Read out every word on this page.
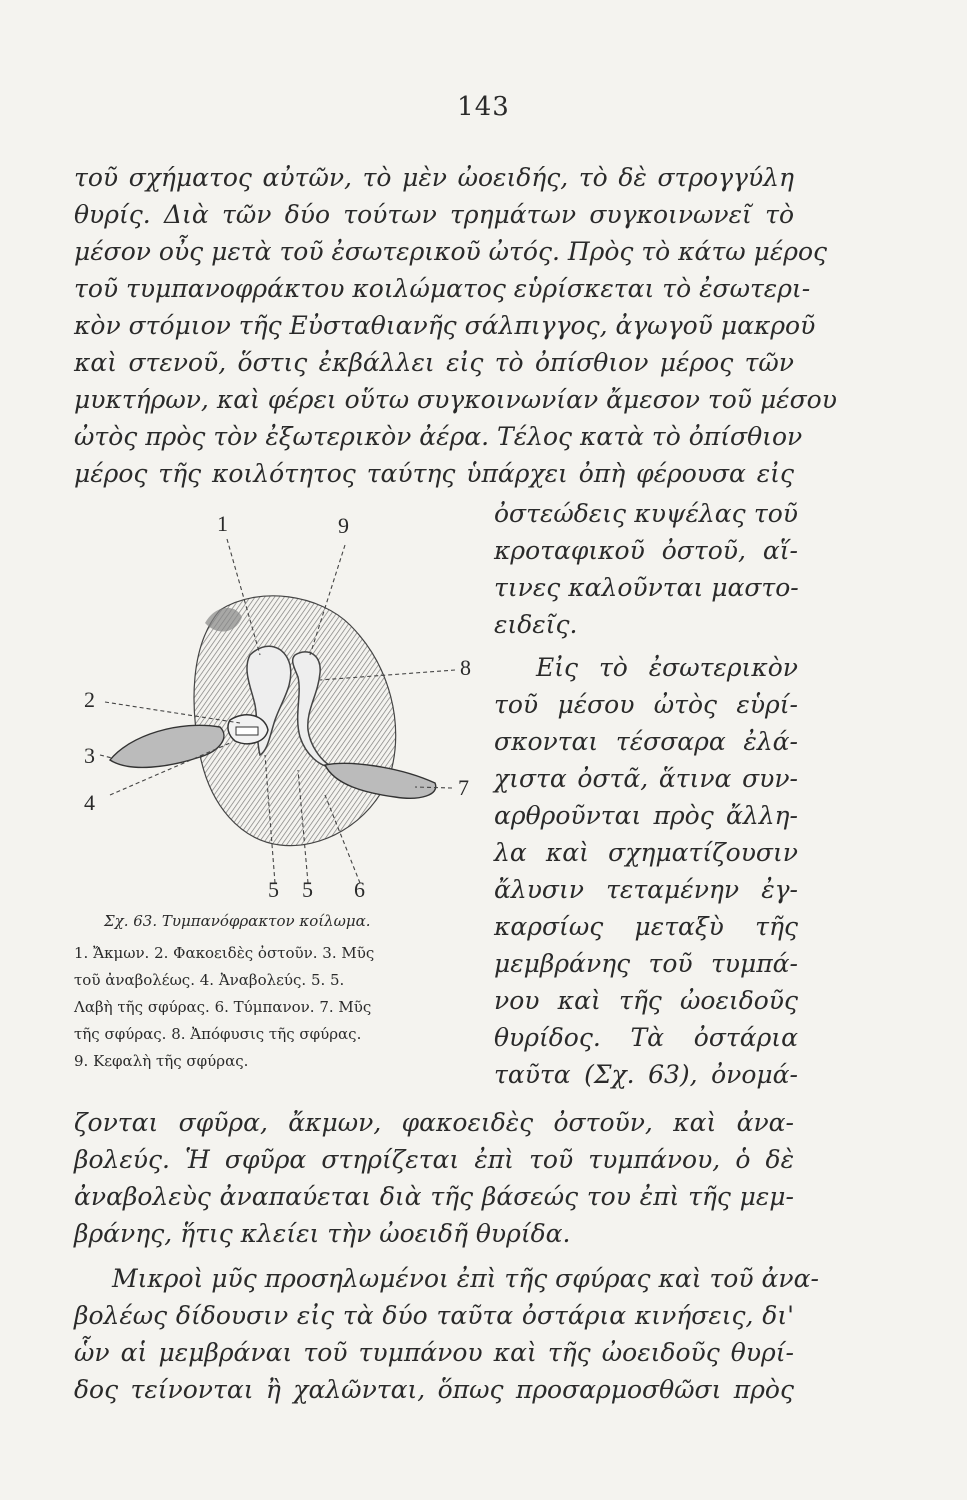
143
τοῦ σχήματος αὐτῶν, τὸ μὲν ὠοειδής, τὸ δὲ στρογγύλη
θυρίς. Διὰ τῶν δύο τούτων τρημάτων συγκοινωνεῖ τὸ
μέσον οὖς μετὰ τοῦ ἐσωτερικοῦ ὠτός. Πρὸς τὸ κάτω μέρος
τοῦ τυμπανοφράκτου κοιλώματος εὑρίσκεται τὸ ἐσωτερι-
κὸν στόμιον τῆς Εὐσταθιανῆς σάλπιγγος, ἀγωγοῦ μακροῦ
καὶ στενοῦ, ὅστις ἐκβάλλει εἰς τὸ ὀπίσθιον μέρος τῶν
μυκτήρων, καὶ φέρει οὕτω συγκοινωνίαν ἄμεσον τοῦ μέσου
ὠτὸς πρὸς τὸν ἐξωτερικὸν ἀέρα. Τέλος κατὰ τὸ ὀπίσθιον
μέρος τῆς κοιλότητος ταύτης ὑπάρχει ὀπὴ φέρουσα εἰς
ὀστεώδεις κυψέλας τοῦ
κροταφικοῦ ὀστοῦ, αἵ-
τινες καλοῦνται μαστο-
ειδεῖς.
Εἰς τὸ ἐσωτερικὸν
τοῦ μέσου ὠτὸς εὑρί-
σκονται τέσσαρα ἐλά-
χιστα ὀστᾶ, ἅτινα συν-
αρθροῦνται πρὸς ἄλλη-
λα καὶ σχηματίζουσιν
ἄλυσιν τεταμένην ἐγ-
καρσίως μεταξὺ τῆς
μεμβράνης τοῦ τυμπά-
νου καὶ τῆς ὠοειδοῦς
θυρίδος. Τὰ ὀστάρια
ταῦτα (Σχ. 63), ὀνομά-
1	9
2
8
3
4
7
5 5 6
Σχ. 63. Τυμπανόφρακτον κοίλωμα.
1. Ἄκμων. 2. Φακοειδὲς ὀστοῦν. 3. Μῦς
τοῦ ἀναβολέως. 4. Ἀναβολεύς. 5. 5.
Λαβὴ τῆς σφύρας. 6. Τύμπανον. 7. Μῦς
τῆς σφύρας. 8. Ἀπόφυσις τῆς σφύρας.
9. Κεφαλὴ τῆς σφύρας.
ζονται σφῦρα, ἄκμων, φακοειδὲς ὀστοῦν, καὶ ἀνα-
βολεύς. Ἡ σφῦρα στηρίζεται ἐπὶ τοῦ τυμπάνου, ὁ δὲ
ἀναβολεὺς ἀναπαύεται διὰ τῆς βάσεώς του ἐπὶ τῆς μεμ-
βράνης, ἥτις κλείει τὴν ὠοειδῆ θυρίδα.
Μικροὶ μῦς προσηλωμένοι ἐπὶ τῆς σφύρας καὶ τοῦ ἀνα-
βολέως δίδουσιν εἰς τὰ δύο ταῦτα ὀστάρια κινήσεις, δι'
ὧν αἱ μεμβράναι τοῦ τυμπάνου καὶ τῆς ὠοειδοῦς θυρί-
δος τείνονται ἢ χαλῶνται, ὅπως προσαρμοσθῶσι πρὸς
